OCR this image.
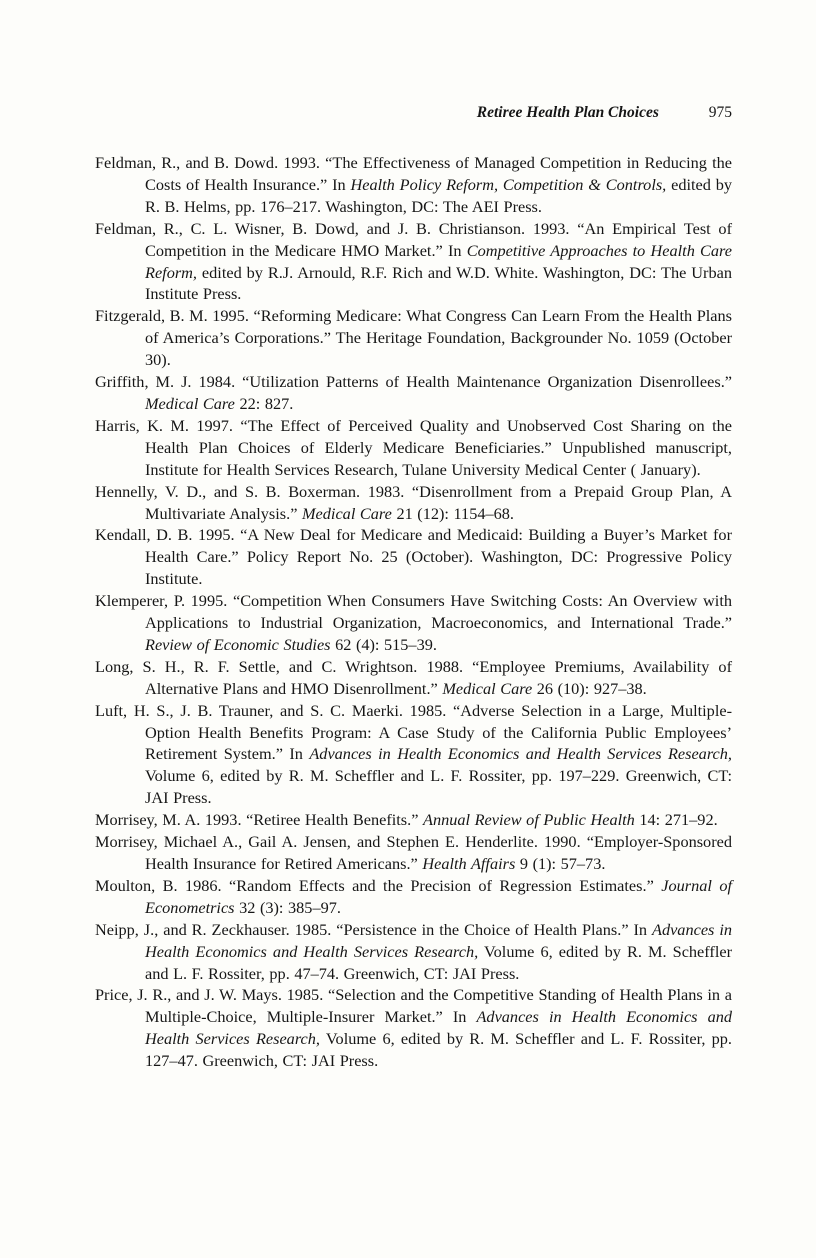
Retiree Health Plan Choices	975

Feldman, R., and B. Dowd. 1993. “The Effectiveness of Managed Competition in Reducing the Costs of Health Insurance.” In Health Policy Reform, Competition & Controls, edited by R. B. Helms, pp. 176–217. Washington, DC: The AEI Press.

Feldman, R., C. L. Wisner, B. Dowd, and J. B. Christianson. 1993. “An Empirical Test of Competition in the Medicare HMO Market.” In Competitive Approaches to Health Care Reform, edited by R.J. Arnould, R.F. Rich and W.D. White. Washington, DC: The Urban Institute Press.

Fitzgerald, B. M. 1995. “Reforming Medicare: What Congress Can Learn From the Health Plans of America’s Corporations.” The Heritage Foundation, Backgrounder No. 1059 (October 30).

Griffith, M. J. 1984. “Utilization Patterns of Health Maintenance Organization Disenrollees.” Medical Care 22: 827.

Harris, K. M. 1997. “The Effect of Perceived Quality and Unobserved Cost Sharing on the Health Plan Choices of Elderly Medicare Beneficiaries.” Unpublished manuscript, Institute for Health Services Research, Tulane University Medical Center ( January).

Hennelly, V. D., and S. B. Boxerman. 1983. “Disenrollment from a Prepaid Group Plan, A Multivariate Analysis.” Medical Care 21 (12): 1154–68.

Kendall, D. B. 1995. “A New Deal for Medicare and Medicaid: Building a Buyer’s Market for Health Care.” Policy Report No. 25 (October). Washington, DC: Progressive Policy Institute.

Klemperer, P. 1995. “Competition When Consumers Have Switching Costs: An Overview with Applications to Industrial Organization, Macroeconomics, and International Trade.” Review of Economic Studies 62 (4): 515–39.

Long, S. H., R. F. Settle, and C. Wrightson. 1988. “Employee Premiums, Availability of Alternative Plans and HMO Disenrollment.” Medical Care 26 (10): 927–38.

Luft, H. S., J. B. Trauner, and S. C. Maerki. 1985. “Adverse Selection in a Large, Multiple-Option Health Benefits Program: A Case Study of the California Public Employees’ Retirement System.” In Advances in Health Economics and Health Services Research, Volume 6, edited by R. M. Scheffler and L. F. Rossiter, pp. 197–229. Greenwich, CT: JAI Press.

Morrisey, M. A. 1993. “Retiree Health Benefits.” Annual Review of Public Health 14: 271–92.

Morrisey, Michael A., Gail A. Jensen, and Stephen E. Henderlite. 1990. “Employer-Sponsored Health Insurance for Retired Americans.” Health Affairs 9 (1): 57–73.

Moulton, B. 1986. “Random Effects and the Precision of Regression Estimates.” Journal of Econometrics 32 (3): 385–97.

Neipp, J., and R. Zeckhauser. 1985. “Persistence in the Choice of Health Plans.” In Advances in Health Economics and Health Services Research, Volume 6, edited by R. M. Scheffler and L. F. Rossiter, pp. 47–74. Greenwich, CT: JAI Press.

Price, J. R., and J. W. Mays. 1985. “Selection and the Competitive Standing of Health Plans in a Multiple-Choice, Multiple-Insurer Market.” In Advances in Health Economics and Health Services Research, Volume 6, edited by R. M. Scheffler and L. F. Rossiter, pp. 127–47. Greenwich, CT: JAI Press.
